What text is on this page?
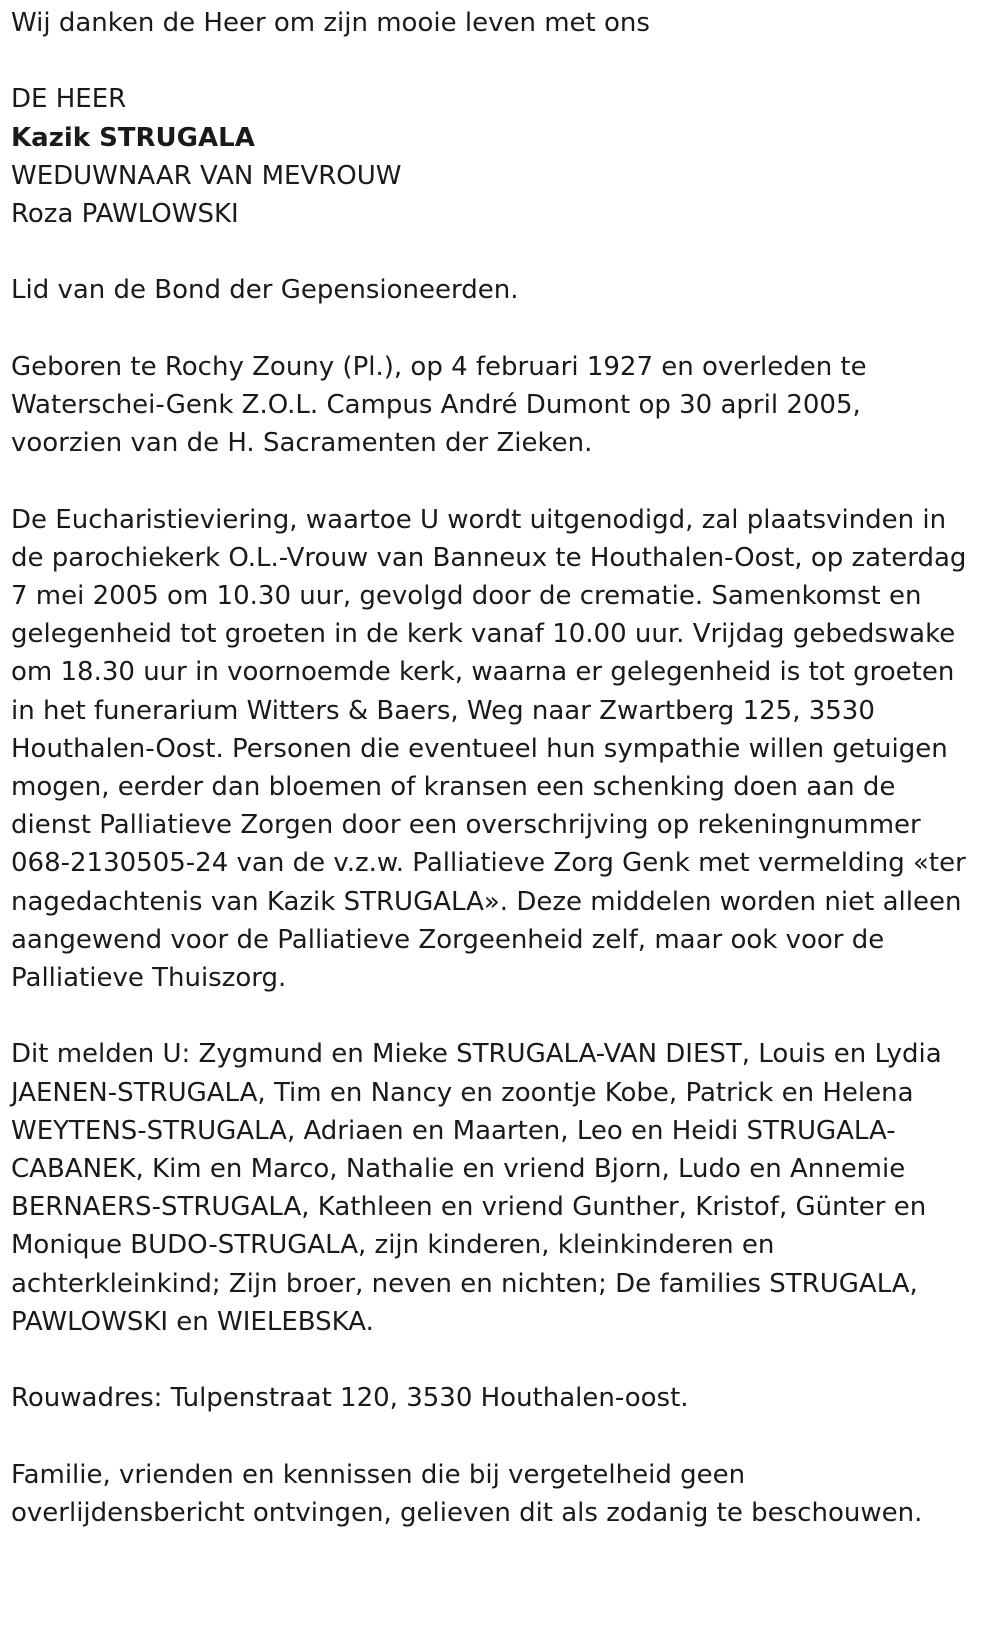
Wij danken de Heer om zijn mooie leven met ons

DE HEER

Kazik STRUGALA

WEDUWNAAR VAN MEVROUW

Roza PAWLOWSKI

Lid van de Bond der Gepensioneerden.

Geboren te Rochy Zouny (Pl.), op 4 februari 1927 en overleden te

Waterschei-Genk Z.O.L. Campus André Dumont op 30 april 2005,

voorzien van de H. Sacramenten der Zieken.

De Eucharistieviering, waartoe U wordt uitgenodigd, zal plaatsvinden in

de parochiekerk O.L.-Vrouw van Banneux te Houthalen-Oost, op zaterdag

7 mei 2005 om 10.30 uur, gevolgd door de crematie. Samenkomst en

gelegenheid tot groeten in de kerk vanaf 10.00 uur. Vrijdag gebedswake

om 18.30 uur in voornoemde kerk, waarna er gelegenheid is tot groeten

in het funerarium Witters & Baers, Weg naar Zwartberg 125, 3530

Houthalen-Oost. Personen die eventueel hun sympathie willen getuigen

mogen, eerder dan bloemen of kransen een schenking doen aan de

dienst Palliatieve Zorgen door een overschrijving op rekeningnummer

068-2130505-24 van de v.z.w. Palliatieve Zorg Genk met vermelding «ter

nagedachtenis van Kazik STRUGALA». Deze middelen worden niet alleen

aangewend voor de Palliatieve Zorgeenheid zelf, maar ook voor de

Palliatieve Thuiszorg.

Dit melden U: Zygmund en Mieke STRUGALA-VAN DIEST, Louis en Lydia

JAENEN-STRUGALA, Tim en Nancy en zoontje Kobe, Patrick en Helena

WEYTENS-STRUGALA, Adriaen en Maarten, Leo en Heidi STRUGALA-

CABANEK, Kim en Marco, Nathalie en vriend Bjorn, Ludo en Annemie

BERNAERS-STRUGALA, Kathleen en vriend Gunther, Kristof, Günter en

Monique BUDO-STRUGALA, zijn kinderen, kleinkinderen en

achterkleinkind; Zijn broer, neven en nichten; De families STRUGALA,

PAWLOWSKI en WIELEBSKA.

Rouwadres: Tulpenstraat 120, 3530 Houthalen-oost.

Familie, vrienden en kennissen die bij vergetelheid geen

overlijdensbericht ontvingen, gelieven dit als zodanig te beschouwen.
